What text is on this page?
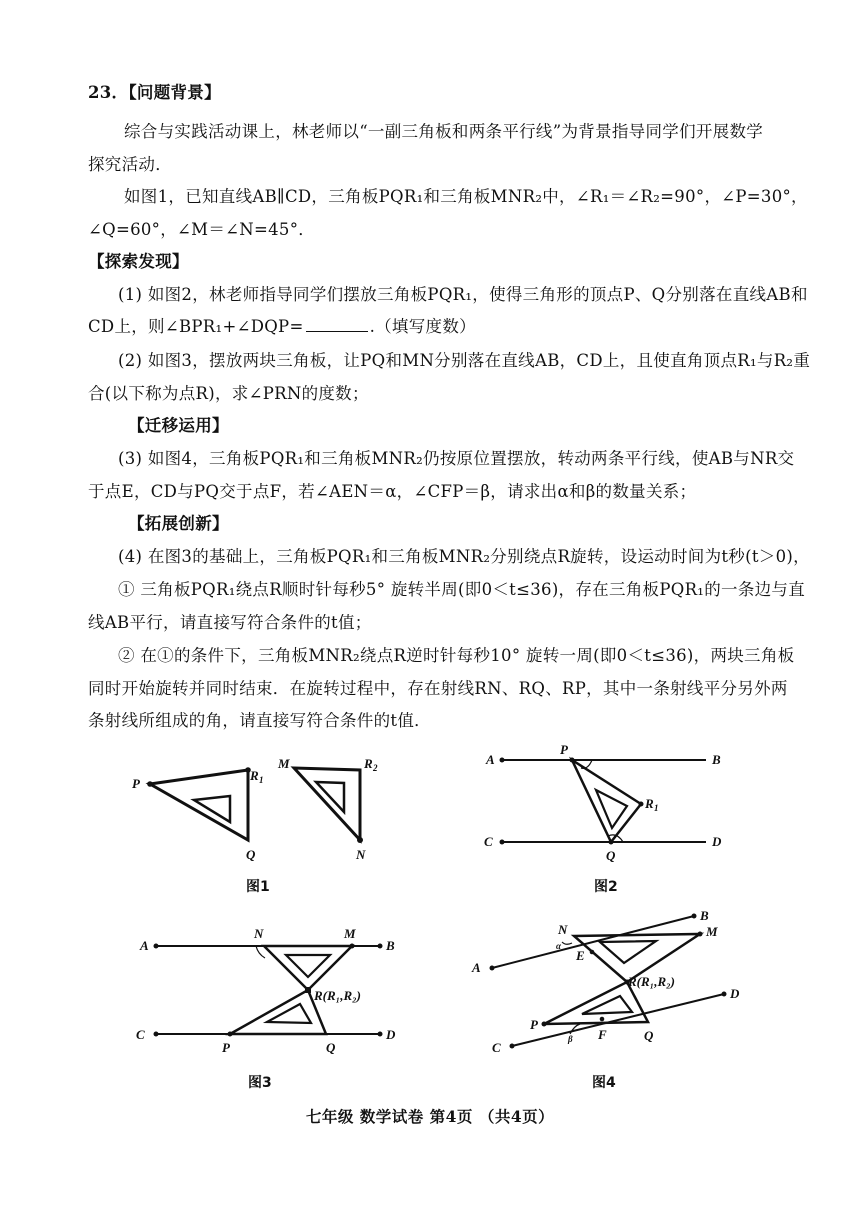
23．【问题背景】
综合与实践活动课上，林老师以“一副三角板和两条平行线”为背景指导同学们开展数学
探究活动．
如图1，已知直线AB∥CD，三角板PQR₁和三角板MNR₂中，∠R₁＝∠R₂=90°，∠P=30°，
∠Q=60°，∠M＝∠N=45°．
【探索发现】
(1) 如图2，林老师指导同学们摆放三角板PQR₁，使得三角形的顶点P、Q分别落在直线AB和
CD上，则∠BPR₁+∠DQP=	.（填写度数）
(2) 如图3，摆放两块三角板，让PQ和MN分别落在直线AB，CD上，且使直角顶点R₁与R₂重
合(以下称为点R)，求∠PRN的度数；
【迁移运用】
(3) 如图4，三角板PQR₁和三角板MNR₂仍按原位置摆放，转动两条平行线，使AB与NR交
于点E，CD与PQ交于点F，若∠AEN＝α，∠CFP＝β，请求出α和β的数量关系；
【拓展创新】
(4) 在图3的基础上，三角板PQR₁和三角板MNR₂分别绕点R旋转，设运动时间为t秒(t＞0)，
① 三角板PQR₁绕点R顺时针每秒5° 旋转半周(即0＜t≤36)，存在三角板PQR₁的一条边与直
线AB平行，请直接写符合条件的t值；
② 在①的条件下，三角板MNR₂绕点R逆时针每秒10° 旋转一周(即0＜t≤36)，两块三角板
同时开始旋转并同时结束．在旋转过程中，存在射线RN、RQ、RP，其中一条射线平分另外两
条射线所组成的角，请直接写符合条件的t值．
P
R 1
Q
M	R 2
N
图1
A
P
B
R 1
C
Q
D
图2
A
N	M
B
R(R₁,R₂)
C
P	Q
D
图3
B
N	M
α
E
A
R(R₁,R₂)
D
P
β F
C
Q
图4
七年级 数学试卷 第4页 （共4页）
